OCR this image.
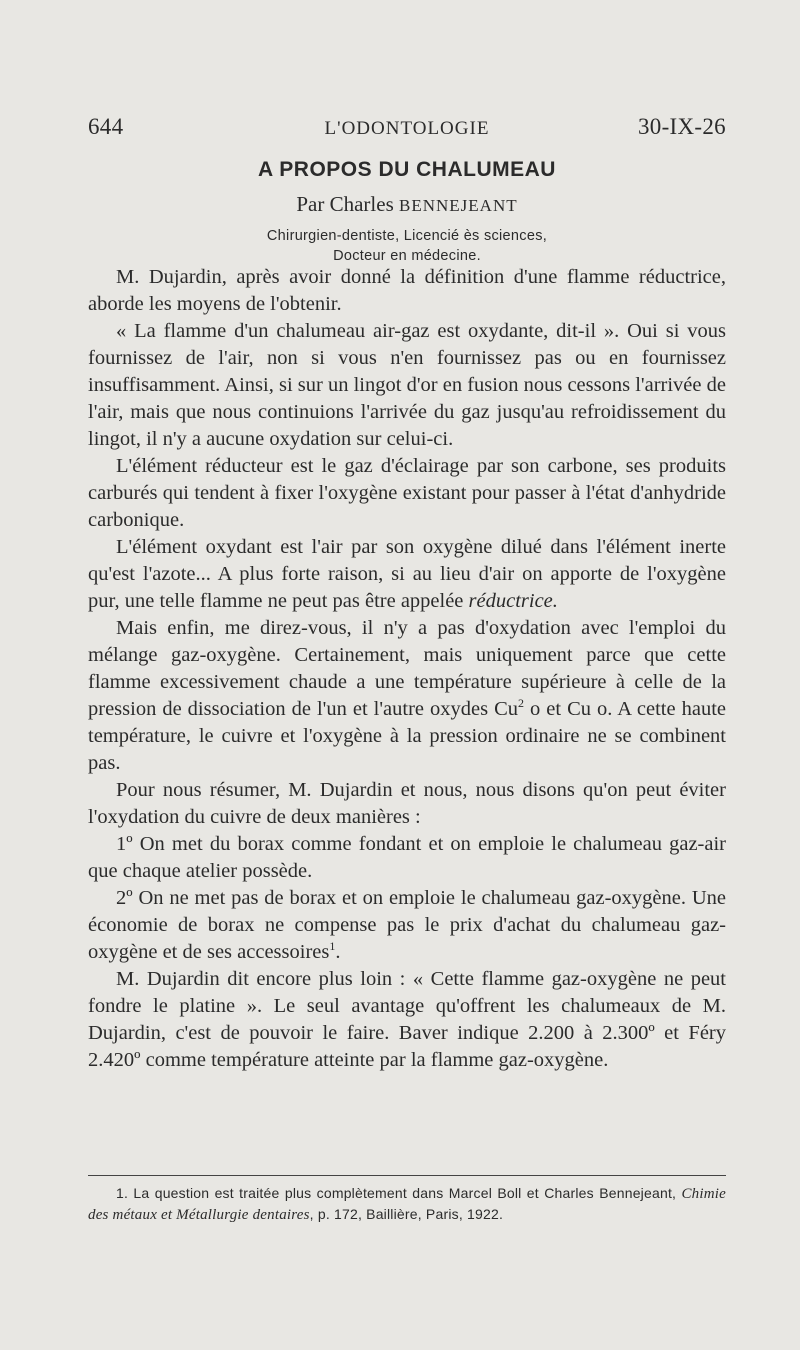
644	L'ODONTOLOGIE	30-IX-26
A PROPOS DU CHALUMEAU
Par Charles BENNEJEANT
Chirurgien-dentiste, Licencié ès sciences,
Docteur en médecine.

M. Dujardin, après avoir donné la définition d'une flamme réductrice, aborde les moyens de l'obtenir.

« La flamme d'un chalumeau air-gaz est oxydante, dit-il ». Oui si vous fournissez de l'air, non si vous n'en fournissez pas ou en fournissez insuffisamment. Ainsi, si sur un lingot d'or en fusion nous cessons l'arrivée de l'air, mais que nous continuions l'arrivée du gaz jusqu'au refroidissement du lingot, il n'y a aucune oxydation sur celui-ci.

L'élément réducteur est le gaz d'éclairage par son carbone, ses produits carburés qui tendent à fixer l'oxygène existant pour passer à l'état d'anhydride carbonique.

L'élément oxydant est l'air par son oxygène dilué dans l'élément inerte qu'est l'azote... A plus forte raison, si au lieu d'air on apporte de l'oxygène pur, une telle flamme ne peut pas être appelée réductrice.

Mais enfin, me direz-vous, il n'y a pas d'oxydation avec l'emploi du mélange gaz-oxygène. Certainement, mais uniquement parce que cette flamme excessivement chaude a une température supérieure à celle de la pression de dissociation de l'un et l'autre oxydes Cu$^2$ o et Cu o. A cette haute température, le cuivre et l'oxygène à la pression ordinaire ne se combinent pas.

Pour nous résumer, M. Dujardin et nous, nous disons qu'on peut éviter l'oxydation du cuivre de deux manières :

1º On met du borax comme fondant et on emploie le chalumeau gaz-air que chaque atelier possède.

2º On ne met pas de borax et on emploie le chalumeau gaz-oxygène. Une économie de borax ne compense pas le prix d'achat du chalumeau gaz-oxygène et de ses accessoires$^1$.

M. Dujardin dit encore plus loin : « Cette flamme gaz-oxygène ne peut fondre le platine ». Le seul avantage qu'offrent les chalumeaux de M. Dujardin, c'est de pouvoir le faire. Baver indique 2.200 à 2.300º et Féry 2.420º comme température atteinte par la flamme gaz-oxygène.

1. La question est traitée plus complètement dans Marcel Boll et Charles Bennejeant, Chimie des métaux et Métallurgie dentaires, p. 172, Baillière, Paris, 1922.
